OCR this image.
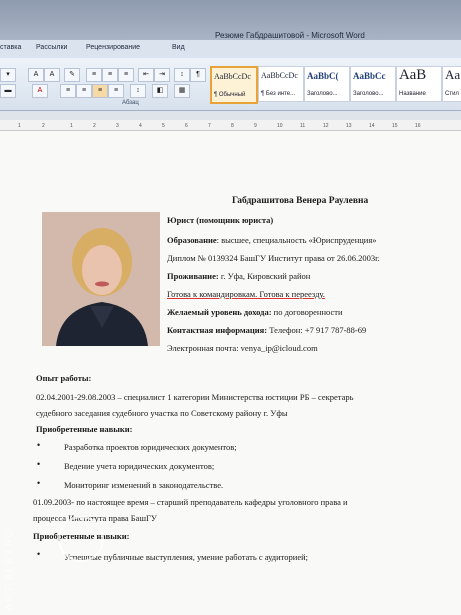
Резюме Габдрашитовой - Microsoft Word
ставка Рассылки	Рецензирование	Вид
▾	A	A	✎	≡	≡	≡	⇤	⇥	↕	¶
▬	A	≡	≡	≡	≡	↕	◧	▦
Абзац
AaBbCcDc
¶ Обычный
AaBbCcDc
¶ Без инте...
AaBbC(
Заголово...
AaBbCc
Заголово...
АаВ
Название
Aa
Стил
1	2	1	2	3	4	5	6	7	8	9	10	11	12	13	14	15	16
Габдрашитова Венера Раулевна
Юрист (помощник юриста)
Образование: высшее, специальность «Юриспруденция»
Диплом № 0139324 БашГУ Институт права от 26.06.2003г.
Проживание: г. Уфа, Кировский район
Готова к командировкам. Готова к переезду.
Желаемый уровень дохода: по договоренности
Контактная информация: Телефон: +7 917 787-88-69
Электронная почта: venya_ip@icloud.com
Опыт работы:
02.04.2001-29.08.2003 – специалист 1 категории Министерства юстиции РБ – секретарь
судебного заседания судебного участка по Советскому району г. Уфы
Приобретенные навыки:
•	Разработка проектов юридических документов;
•	Ведение учета юридических документов;
•	Мониторинг изменений в законодательстве.
01.09.2003- по настоящее время – старший преподаватель кафедры уголовного права и
процесса Института права БашГУ
Приобретенные навыки:
•	Успешные публичные выступления, умение работать с аудиторией;
ART ALEBRO
